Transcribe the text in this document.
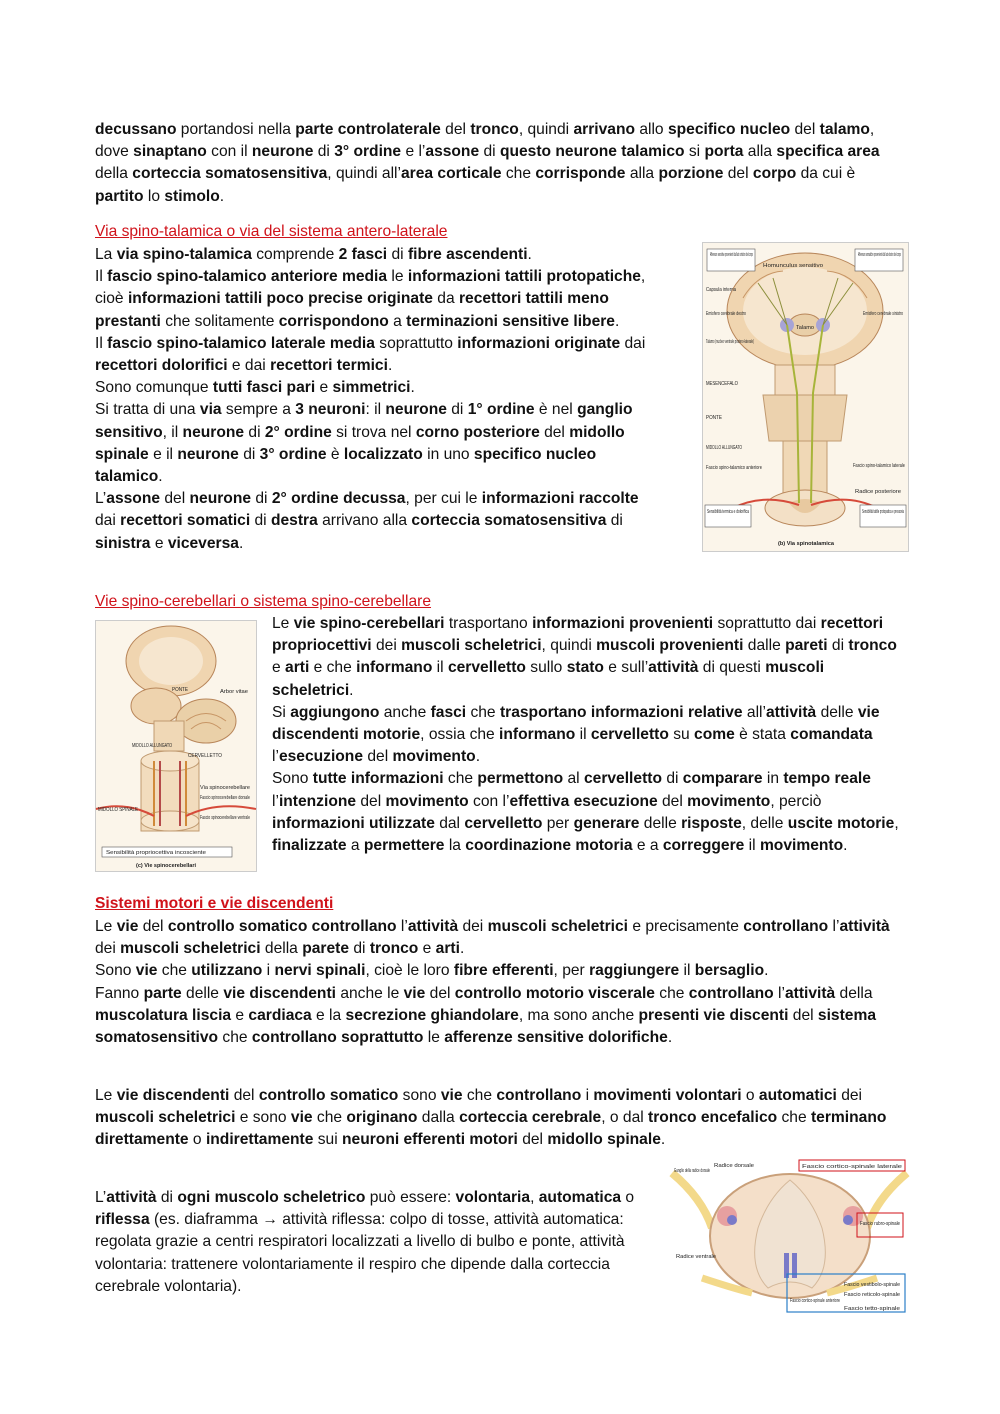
decussano portandosi nella parte controlaterale del tronco, quindi arrivano allo specifico nucleo del talamo, dove sinaptano con il neurone di 3° ordine e l’assone di questo neurone talamico si porta alla specifica area della corteccia somatosensitiva, quindi all’area corticale che corrisponde alla porzione del corpo da cui è partito lo stimolo.

Via spino-talamica o via del sistema antero-laterale

La via spino-talamica comprende 2 fasci di fibre ascendenti.
Il fascio spino-talamico anteriore media le informazioni tattili protopatiche, cioè informazioni tattili poco precise originate da recettori tattili meno prestanti che solitamente corrispondono a terminazioni sensitive libere.
Il fascio spino-talamico laterale media soprattutto informazioni originate dai recettori dolorifici e dai recettori termici.
Sono comunque tutti fasci pari e simmetrici.
Si tratta di una via sempre a 3 neuroni: il neurone di 1° ordine è nel ganglio sensitivo, il neurone di 2° ordine si trova nel corno posteriore del midollo spinale e il neurone di 3° ordine è localizzato in uno specifico nucleo talamico.
L’assone del neurone di 2° ordine decussa, per cui le informazioni raccolte dai recettori somatici di destra arrivano alla corteccia somatosensitiva di sinistra e viceversa.

Afferenze sensitive provenienti dal lato sinistro del corpo	Afferenze somatiche provenienti dal lato destro del corpo
Homunculus sensitivo
Capsula interna
Emisfero cerebrale destro
Talamo
Emisfero cerebrale sinistro
Talamo (nucleo ventrale postero-laterale)
MESENCEFALO
PONTE
MIDOLLO ALLUNGATO
Fascio spino-talamico anteriore	Fascio spino-talamico laterale
Radice posteriore
Sensibilità termica e dolorifica	Sensibilità tattile protopatica e pressoria
(b) Via spinotalamica

Vie spino-cerebellari o sistema spino-cerebellare

PONTE	Arbor vitae
MIDOLLO ALLUNGATO
CERVELLETTO
Via spinocerebellare
Fascio spinocerebellare dorsale
MIDOLLO SPINALE
Fascio spinocerebellare ventrale
Sensibilità propriocettiva incosciente
(c) Vie spinocerebellari

Le vie spino-cerebellari trasportano informazioni provenienti soprattutto dai recettori propriocettivi dei muscoli scheletrici, quindi muscoli provenienti dalle pareti di tronco e arti e che informano il cervelletto sullo stato e sull’attività di questi muscoli scheletrici.
Si aggiungono anche fasci che trasportano informazioni relative all’attività delle vie discendenti motorie, ossia che informano il cervelletto su come è stata comandata l’esecuzione del movimento.
Sono tutte informazioni che permettono al cervelletto di comparare in tempo reale l’intenzione del movimento con l’effettiva esecuzione del movimento, perciò informazioni utilizzate dal cervelletto per generare delle risposte, delle uscite motorie, finalizzate a permettere la coordinazione motoria e a correggere il movimento.

Sistemi motori e vie discendenti

Le vie del controllo somatico controllano l’attività dei muscoli scheletrici e precisamente controllano l’attività dei muscoli scheletrici della parete di tronco e arti.
Sono vie che utilizzano i nervi spinali, cioè le loro fibre efferenti, per raggiungere il bersaglio.
Fanno parte delle vie discendenti anche le vie del controllo motorio viscerale che controllano l’attività della muscolatura liscia e cardiaca e la secrezione ghiandolare, ma sono anche presenti vie discenti del sistema somatosensitivo che controllano soprattutto le afferenze sensitive dolorifiche.

Le vie discendenti del controllo somatico sono vie che controllano i movimenti volontari o automatici dei muscoli scheletrici e sono vie che originano dalla corteccia cerebrale, o dal tronco encefalico che terminano direttamente o indirettamente sui neuroni efferenti motori del midollo spinale.

L’attività di ogni muscolo scheletrico può essere: volontaria, automatica o riflessa (es. diaframma → attività riflessa: colpo di tosse, attività automatica: regolata grazie a centri respiratori localizzati a livello di bulbo e ponte, attività volontaria: trattenere volontariamente il respiro che dipende dalla corteccia cerebrale volontaria).

Radice dorsale
Ganglio della radice dorsale
Fascio cortico-spinale laterale
Fascio rubro-spinale
Radice ventrale
Fascio vestibolo-spinale
Fascio reticolo-spinale
Fascio cortico-spinale anteriore
Fascio tetto-spinale
